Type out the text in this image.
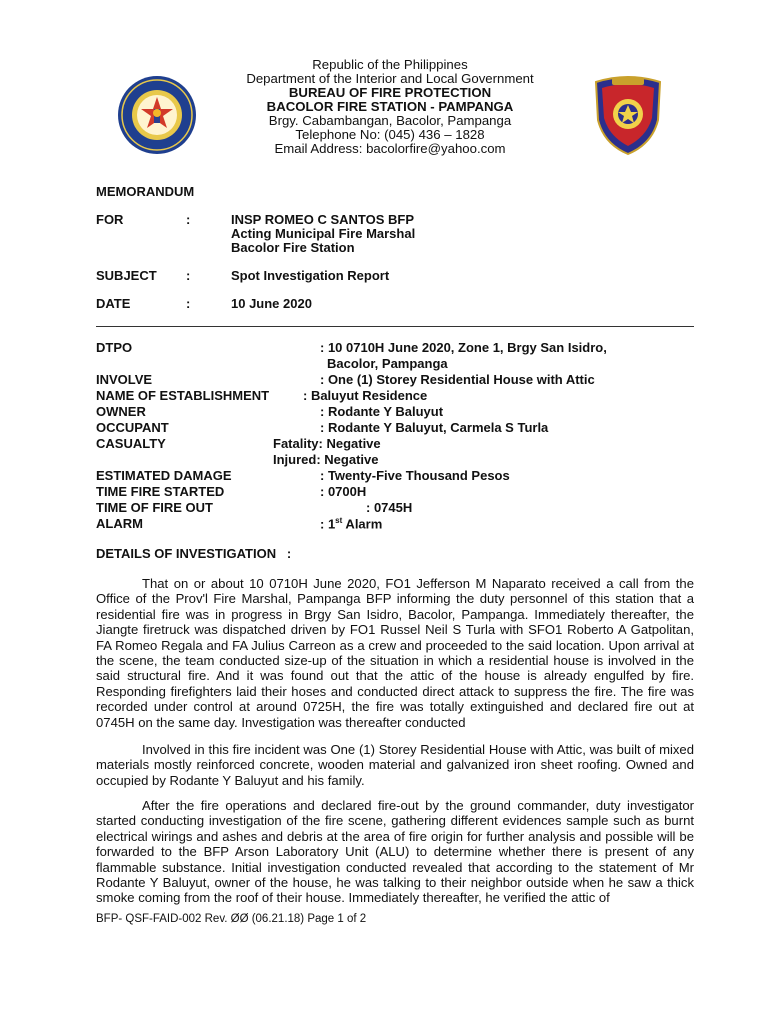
Republic of the Philippines
Department of the Interior and Local Government
BUREAU OF FIRE PROTECTION
BACOLOR FIRE STATION - PAMPANGA
Brgy. Cabambangan, Bacolor, Pampanga
Telephone No: (045) 436 – 1828
Email Address: bacolorfire@yahoo.com
MEMORANDUM
FOR	:	INSP ROMEO C SANTOS BFP
Acting Municipal Fire Marshal
Bacolor Fire Station
SUBJECT :	Spot Investigation Report
DATE	:	10 June 2020
DTPO	: 10 0710H June 2020, Zone 1, Brgy San Isidro,
Bacolor, Pampanga
INVOLVE	: One (1) Storey Residential House with Attic
NAME OF ESTABLISHMENT	: Baluyut Residence
OWNER	: Rodante Y Baluyut
OCCUPANT	: Rodante Y Baluyut, Carmela S Turla
CASUALTY	Fatality: Negative
Injured: Negative
ESTIMATED DAMAGE	: Twenty-Five Thousand Pesos
TIME FIRE STARTED	: 0700H
TIME OF FIRE OUT	: 0745H
ALARM	: 1st Alarm
DETAILS OF INVESTIGATION   :

That on or about 10 0710H June 2020, FO1 Jefferson M Naparato received a call from the Office of the Prov'l Fire Marshal, Pampanga BFP informing the duty personnel of this station that a residential fire was in progress in Brgy San Isidro, Bacolor, Pampanga. Immediately thereafter, the Jiangte firetruck was dispatched driven by FO1 Russel Neil S Turla with SFO1 Roberto A Gatpolitan, FA Romeo Regala and FA Julius Carreon as a crew and proceeded to the said location. Upon arrival at the scene, the team conducted size-up of the situation in which a residential house is involved in the said structural fire. And it was found out that the attic of the house is already engulfed by fire. Responding firefighters laid their hoses and conducted direct attack to suppress the fire. The fire was recorded under control at around 0725H, the fire was totally extinguished and declared fire out at 0745H on the same day. Investigation was thereafter conducted

Involved in this fire incident was One (1) Storey Residential House with Attic, was built of mixed materials mostly reinforced concrete, wooden material and galvanized iron sheet roofing. Owned and occupied by Rodante Y Baluyut and his family.

After the fire operations and declared fire-out by the ground commander, duty investigator started conducting investigation of the fire scene, gathering different evidences sample such as burnt electrical wirings and ashes and debris at the area of fire origin for further analysis and possible will be forwarded to the BFP Arson Laboratory Unit (ALU) to determine whether there is present of any flammable substance. Initial investigation conducted revealed that according to the statement of Mr Rodante Y Baluyut, owner of the house, he was talking to their neighbor outside when he saw a thick smoke coming from the roof of their house. Immediately thereafter, he verified the attic of

BFP- QSF-FAID-002 Rev. ØØ (06.21.18) Page 1 of 2
